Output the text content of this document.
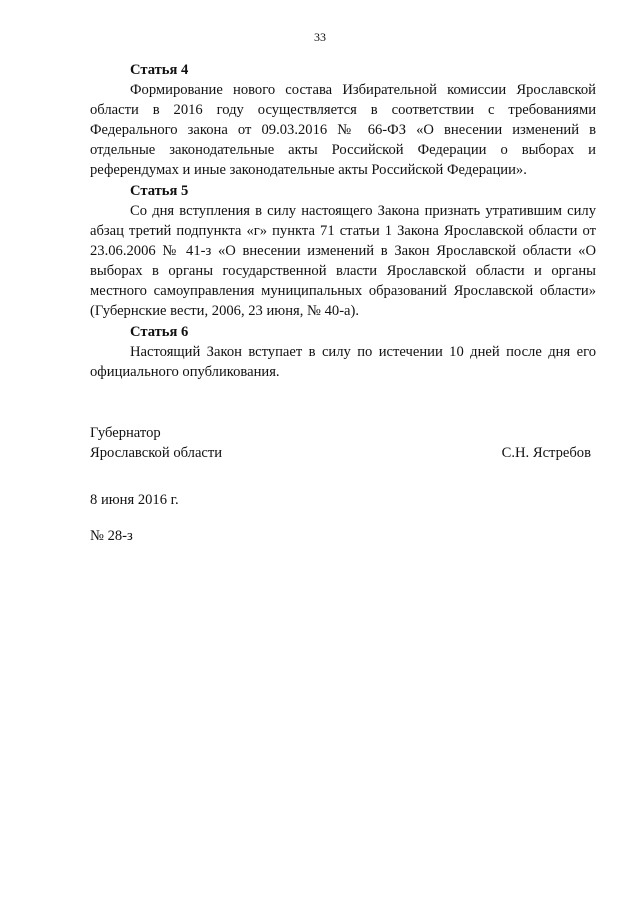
33
Статья 4

Формирование нового состава Избирательной комиссии Ярославской области в 2016 году осуществляется в соответствии с требованиями Федерального закона от 09.03.2016 № 66-ФЗ «О внесении изменений в отдельные законодательные акты Российской Федерации о выборах и референдумах и иные законодательные акты Российской Федерации».

Статья 5

Со дня вступления в силу настоящего Закона признать утратившим силу абзац третий подпункта «г» пункта 71 статьи 1 Закона Ярославской области от 23.06.2006 № 41-з «О внесении изменений в Закон Ярославской области «О выборах в органы государственной власти Ярославской области и органы местного самоуправления муниципальных образований Ярославской области» (Губернские вести, 2006, 23 июня, № 40-а).

Статья 6

Настоящий Закон вступает в силу по истечении 10 дней после дня его официального опубликования.

Губернатор
Ярославской области	С.Н. Ястребов
8 июня 2016 г.
№ 28-з
